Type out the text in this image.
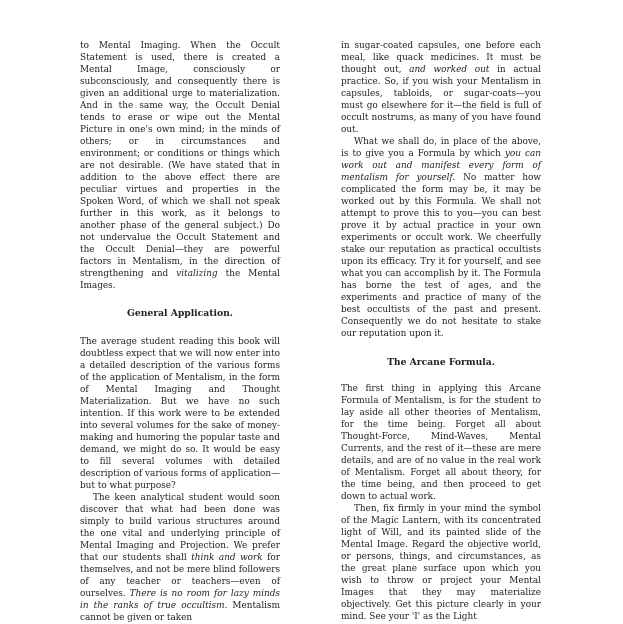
to Mental Imaging. When the Occult Statement is used, there is created a Mental Image, consciously or subconsciously, and consequently there is given an additional urge to materialization. And in the same way, the Occult Denial tends to erase or wipe out the Mental Picture in one's own mind; in the minds of others; or in circumstances and environment; or conditions or things which are not desirable. (We have stated that in addition to the above effect there are peculiar virtues and properties in the Spoken Word, of which we shall not speak further in this work, as it belongs to another phase of the general subject.) Do not undervalue the Occult Statement and the Occult Denial—they are powerful factors in Mentalism, in the direction of strengthening and vitalizing the Mental Images.

General Application.

The average student reading this book will doubtless expect that we will now enter into a detailed description of the various forms of the application of Mentalism, in the form of Mental Imaging and Thought Materialization. But we have no such intention. If this work were to be extended into several volumes for the sake of money-making and humoring the popular taste and demand, we might do so. It would be easy to fill several volumes with detailed description of various forms of application—but to what purpose?

The keen analytical student would soon discover that what had been done was simply to build various structures around the one vital and underlying principle of Mental Imaging and Projection. We prefer that our students shall think and work for themselves, and not be mere blind followers of any teacher or teachers—even of ourselves. There is no room for lazy minds in the ranks of true occultism. Mentalism cannot be given or taken

in sugar-coated capsules, one before each meal, like quack medicines. It must be thought out, and worked out in actual practice. So, if you wish your Mentalism in capsules, tabloids, or sugar-coats—you must go elsewhere for it—the field is full of occult nostrums, as many of you have found out.

What we shall do, in place of the above, is to give you a Formula by which you can work out and manifest every form of mentalism for yourself. No matter how complicated the form may be, it may be worked out by this Formula. We shall not attempt to prove this to you—you can best prove it by actual practice in your own experiments or occult work. We cheerfully stake our reputation as practical occultists upon its efficacy. Try it for yourself, and see what you can accomplish by it. The Formula has borne the test of ages, and the experiments and practice of many of the best occultists of the past and present. Consequently we do not hesitate to stake our reputation upon it.

The Arcane Formula.

The first thing in applying this Arcane Formula of Mentalism, is for the student to lay aside all other theories of Mentalism, for the time being. Forget all about Thought-Force, Mind-Waves, Mental Currents, and the rest of it—these are mere details, and are of no value in the real work of Mentalism. Forget all about theory, for the time being, and then proceed to get down to actual work.

Then, fix firmly in your mind the symbol of the Magic Lantern, with its concentrated light of Will, and its painted slide of the Mental Image. Regard the objective world, or persons, things, and circumstances, as the great plane surface upon which you wish to throw or project your Mental Images that they may materialize objectively. Get this picture clearly in your mind. See your 'I' as the Light
